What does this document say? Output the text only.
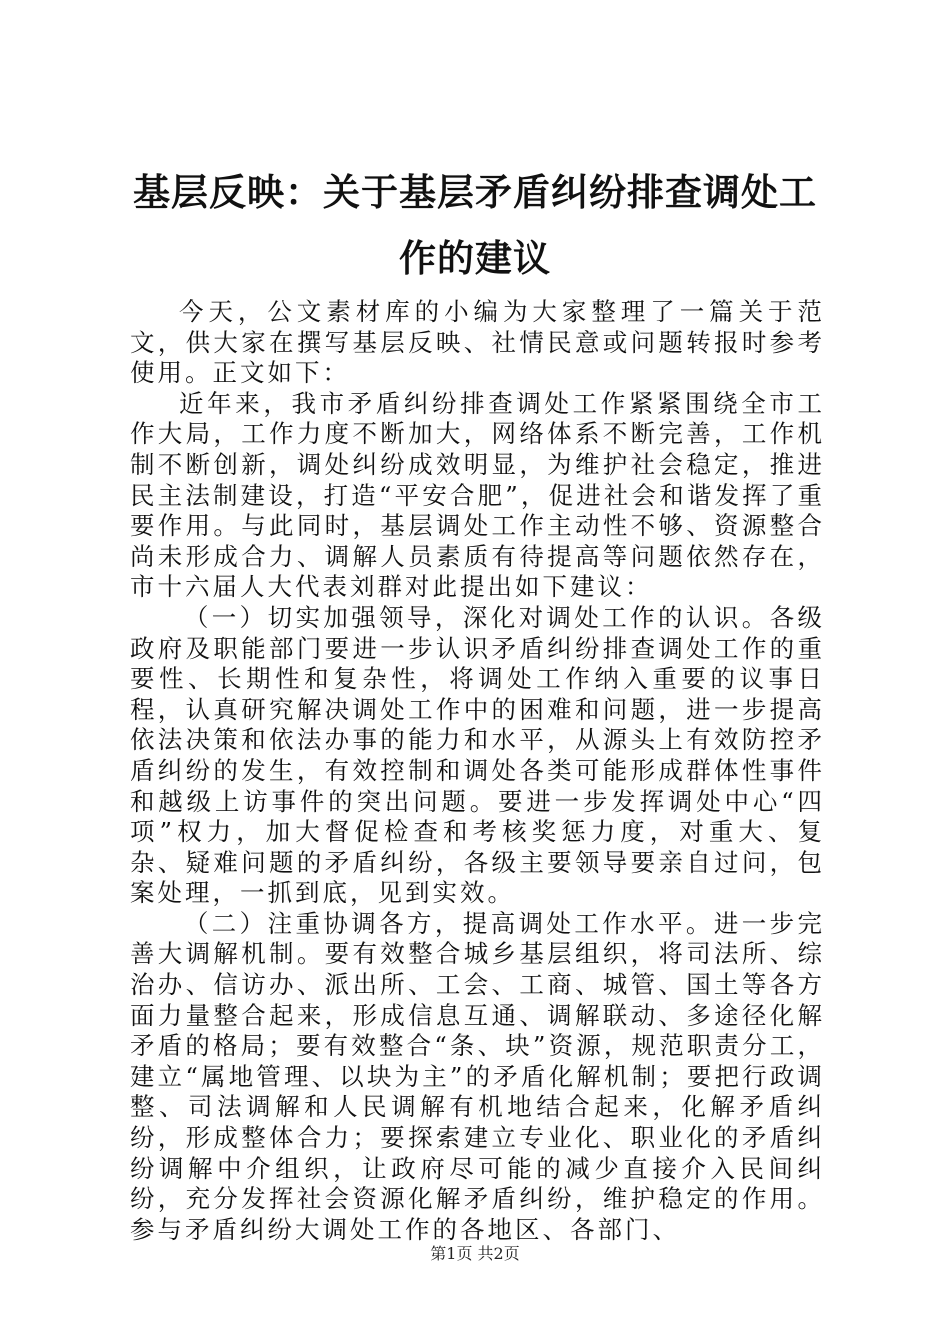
基层反映：关于基层矛盾纠纷排查调处工作的建议

今天，公文素材库的小编为大家整理了一篇关于范文，供大家在撰写基层反映、社情民意或问题转报时参考使用。正文如下：

近年来，我市矛盾纠纷排查调处工作紧紧围绕全市工作大局，工作力度不断加大，网络体系不断完善，工作机制不断创新，调处纠纷成效明显，为维护社会稳定，推进民主法制建设，打造“平安合肥”，促进社会和谐发挥了重要作用。与此同时，基层调处工作主动性不够、资源整合尚未形成合力、调解人员素质有待提高等问题依然存在，市十六届人大代表刘群对此提出如下建议：

（一）切实加强领导，深化对调处工作的认识。各级政府及职能部门要进一步认识矛盾纠纷排查调处工作的重要性、长期性和复杂性，将调处工作纳入重要的议事日程，认真研究解决调处工作中的困难和问题，进一步提高依法决策和依法办事的能力和水平，从源头上有效防控矛盾纠纷的发生，有效控制和调处各类可能形成群体性事件和越级上访事件的突出问题。要进一步发挥调处中心“四项”权力，加大督促检查和考核奖惩力度，对重大、复杂、疑难问题的矛盾纠纷，各级主要领导要亲自过问，包案处理，一抓到底，见到实效。

（二）注重协调各方，提高调处工作水平。进一步完善大调解机制。要有效整合城乡基层组织，将司法所、综治办、信访办、派出所、工会、工商、城管、国土等各方面力量整合起来，形成信息互通、调解联动、多途径化解矛盾的格局；要有效整合“条、块”资源，规范职责分工，建立“属地管理、以块为主”的矛盾化解机制；要把行政调整、司法调解和人民调解有机地结合起来，化解矛盾纠纷，形成整体合力；要探索建立专业化、职业化的矛盾纠纷调解中介组织，让政府尽可能的减少直接介入民间纠纷，充分发挥社会资源化解矛盾纠纷，维护稳定的作用。参与矛盾纠纷大调处工作的各地区、各部门、

第1页 共2页
